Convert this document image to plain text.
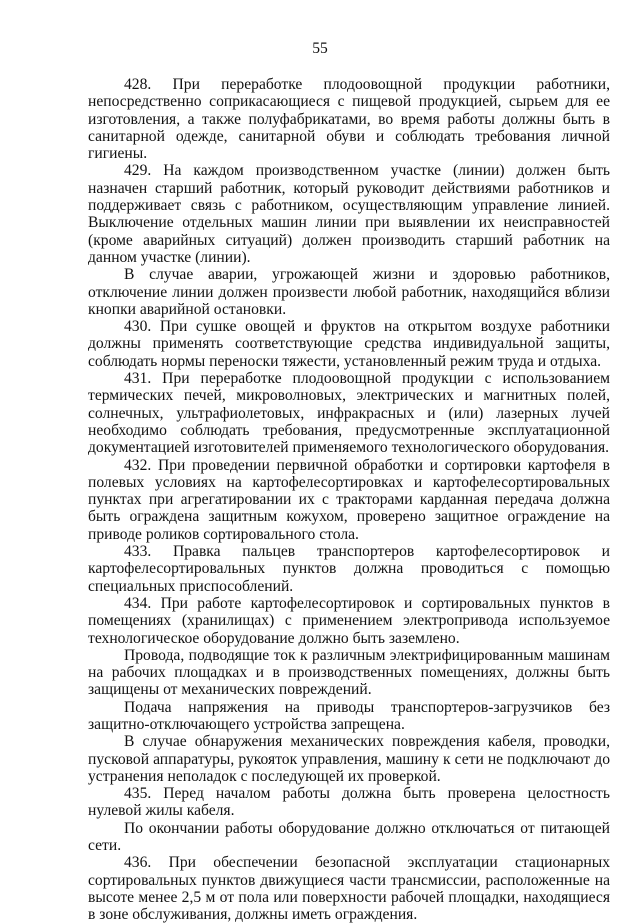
55

428. При переработке плодоовощной продукции работники, непосредственно соприкасающиеся с пищевой продукцией, сырьем для ее изготовления, а также полуфабрикатами, во время работы должны быть в санитарной одежде, санитарной обуви и соблюдать требования личной гигиены.

429. На каждом производственном участке (линии) должен быть назначен старший работник, который руководит действиями работников и поддерживает связь с работником, осуществляющим управление линией. Выключение отдельных машин линии при выявлении их неисправностей (кроме аварийных ситуаций) должен производить старший работник на данном участке (линии).

В случае аварии, угрожающей жизни и здоровью работников, отключение линии должен произвести любой работник, находящийся вблизи кнопки аварийной остановки.

430. При сушке овощей и фруктов на открытом воздухе работники должны применять соответствующие средства индивидуальной защиты, соблюдать нормы переноски тяжести, установленный режим труда и отдыха.

431. При переработке плодоовощной продукции с использованием термических печей, микроволновых, электрических и магнитных полей, солнечных, ультрафиолетовых, инфракрасных и (или) лазерных лучей необходимо соблюдать требования, предусмотренные эксплуатационной документацией изготовителей применяемого технологического оборудования.

432. При проведении первичной обработки и сортировки картофеля в полевых условиях на картофелесортировках и картофелесортировальных пунктах при агрегатировании их с тракторами карданная передача должна быть ограждена защитным кожухом, проверено защитное ограждение на приводе роликов сортировального стола.

433. Правка пальцев транспортеров картофелесортировок и картофелесортировальных пунктов должна проводиться с помощью специальных приспособлений.

434. При работе картофелесортировок и сортировальных пунктов в помещениях (хранилищах) с применением электропривода используемое технологическое оборудование должно быть заземлено.

Провода, подводящие ток к различным электрифицированным машинам на рабочих площадках и в производственных помещениях, должны быть защищены от механических повреждений.

Подача напряжения на приводы транспортеров-загрузчиков без защитно-отключающего устройства запрещена.

В случае обнаружения механических повреждения кабеля, проводки, пусковой аппаратуры, рукояток управления, машину к сети не подключают до устранения неполадок с последующей их проверкой.

435. Перед началом работы должна быть проверена целостность нулевой жилы кабеля.

По окончании работы оборудование должно отключаться от питающей сети.

436. При обеспечении безопасной эксплуатации стационарных сортировальных пунктов движущиеся части трансмиссии, расположенные на высоте менее 2,5 м от пола или поверхности рабочей площадки, находящиеся в зоне обслуживания, должны иметь ограждения.
